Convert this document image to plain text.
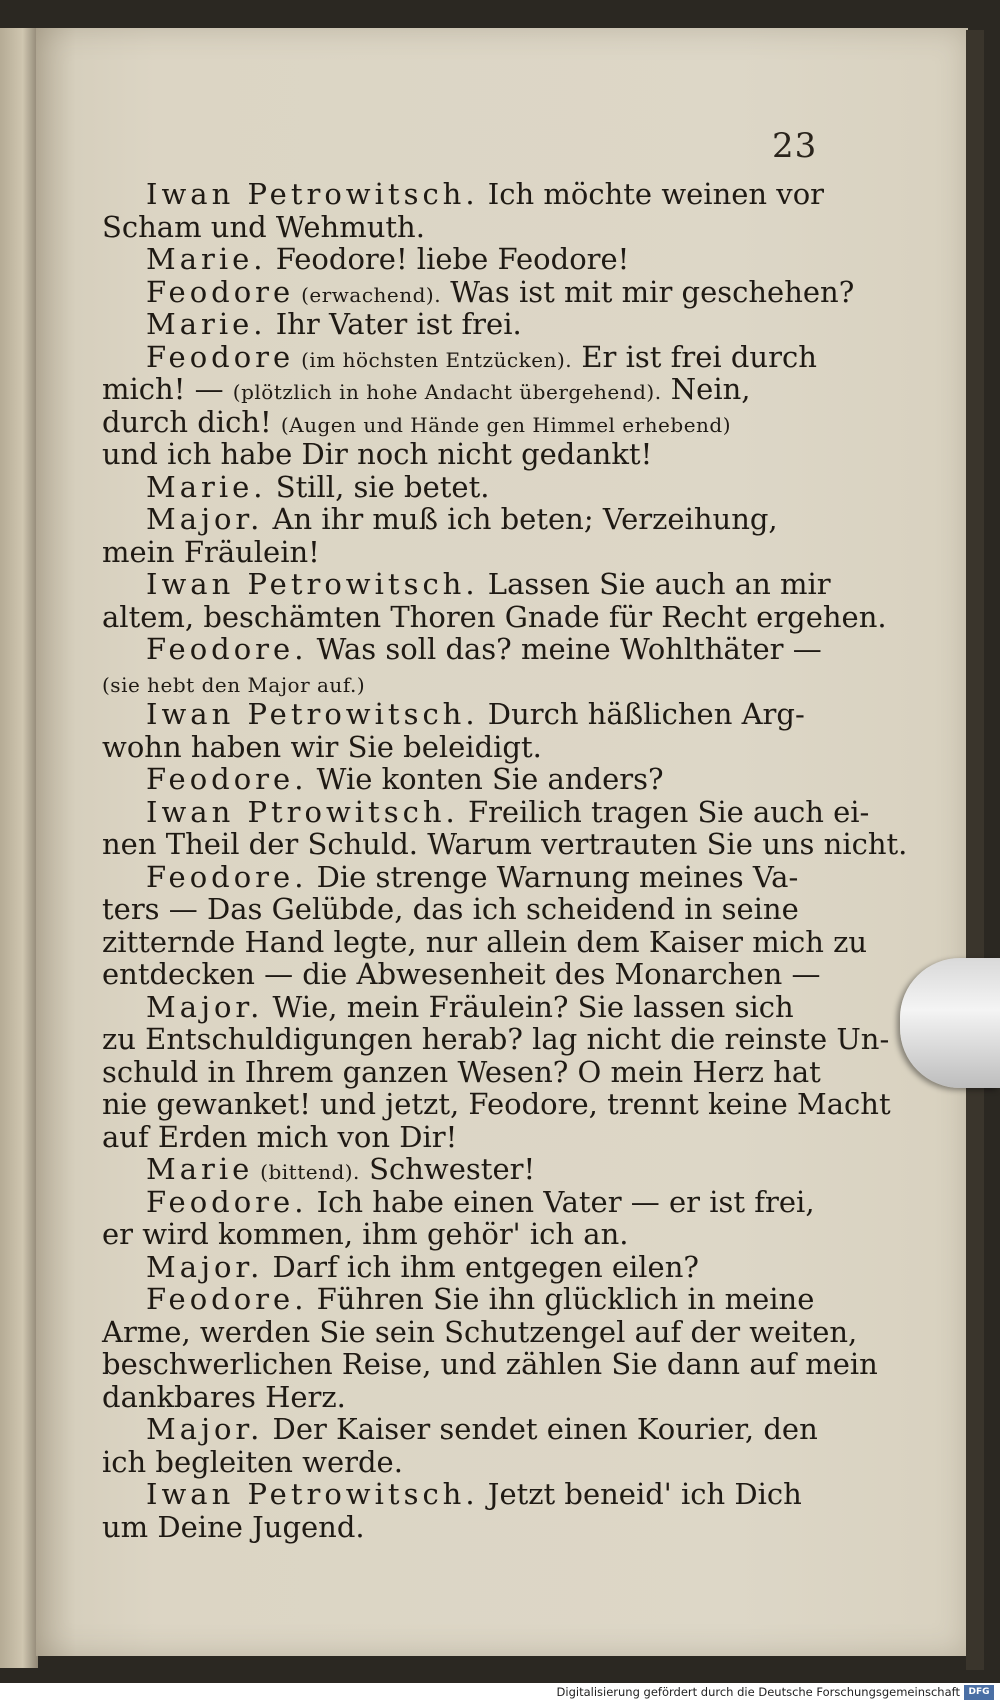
23
Iwan Petrowitsch. Ich möchte weinen vor
Scham und Wehmuth.
Marie. Feodore! liebe Feodore!
Feodore (erwachend). Was ist mit mir geschehen?
Marie. Ihr Vater ist frei.
Feodore (im höchsten Entzücken). Er ist frei durch
mich! — (plötzlich in hohe Andacht übergehend). Nein,
durch dich! (Augen und Hände gen Himmel erhebend)
und ich habe Dir noch nicht gedankt!
Marie. Still, sie betet.
Major. An ihr muß ich beten; Verzeihung,
mein Fräulein!
Iwan Petrowitsch. Lassen Sie auch an mir
altem, beschämten Thoren Gnade für Recht ergehen.
Feodore. Was soll das? meine Wohlthäter —
(sie hebt den Major auf.)
Iwan Petrowitsch. Durch häßlichen Arg-
wohn haben wir Sie beleidigt.
Feodore. Wie konten Sie anders?
Iwan Ptrowitsch. Freilich tragen Sie auch ei-
nen Theil der Schuld. Warum vertrauten Sie uns nicht.
Feodore. Die strenge Warnung meines Va-
ters — Das Gelübde, das ich scheidend in seine
zitternde Hand legte, nur allein dem Kaiser mich zu
entdecken — die Abwesenheit des Monarchen —
Major. Wie, mein Fräulein? Sie lassen sich
zu Entschuldigungen herab? lag nicht die reinste Un-
schuld in Ihrem ganzen Wesen? O mein Herz hat
nie gewanket! und jetzt, Feodore, trennt keine Macht
auf Erden mich von Dir!
Marie (bittend). Schwester!
Feodore. Ich habe einen Vater — er ist frei,
er wird kommen, ihm gehör' ich an.
Major. Darf ich ihm entgegen eilen?
Feodore. Führen Sie ihn glücklich in meine
Arme, werden Sie sein Schutzengel auf der weiten,
beschwerlichen Reise, und zählen Sie dann auf mein
dankbares Herz.
Major. Der Kaiser sendet einen Kourier, den
ich begleiten werde.
Iwan Petrowitsch. Jetzt beneid' ich Dich
um Deine Jugend.
Digitalisierung gefördert durch die Deutsche Forschungsgemeinschaft DFG
